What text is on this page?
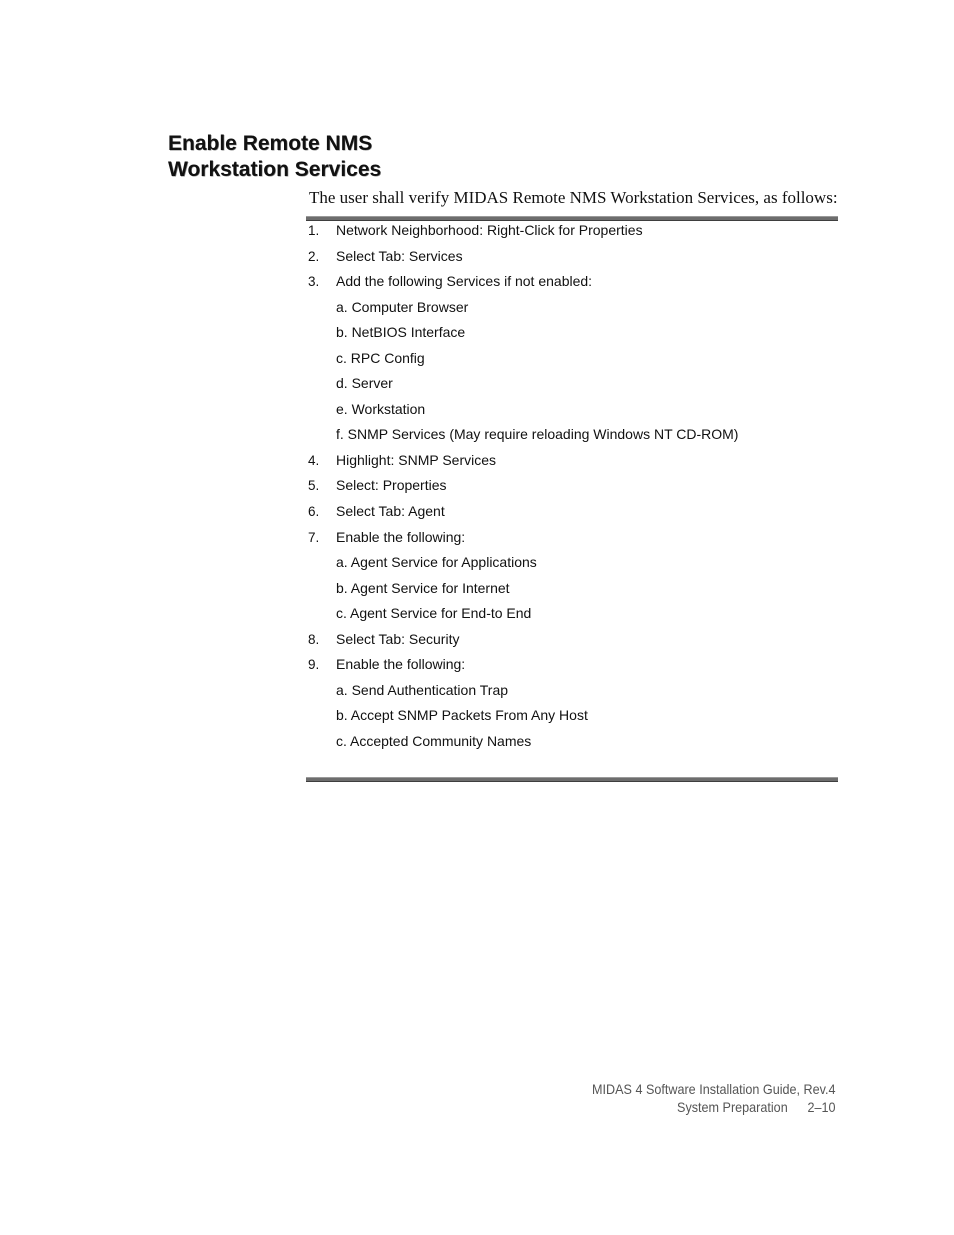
Enable Remote NMS
Workstation Services

The user shall verify MIDAS Remote NMS Workstation Services, as follows:

1. Network Neighborhood: Right-Click for Properties
2. Select Tab: Services
3. Add the following Services if not enabled:
a. Computer Browser
b. NetBIOS Interface
c. RPC Config
d. Server
e. Workstation
f. SNMP Services (May require reloading Windows NT CD-ROM)
4. Highlight: SNMP Services
5. Select: Properties
6. Select Tab: Agent
7. Enable the following:
a. Agent Service for Applications
b. Agent Service for Internet
c. Agent Service for End-to End
8. Select Tab: Security
9. Enable the following:
a. Send Authentication Trap
b. Accept SNMP Packets From Any Host
c. Accepted Community Names
MIDAS 4 Software Installation Guide, Rev.4
System Preparation 2–10
